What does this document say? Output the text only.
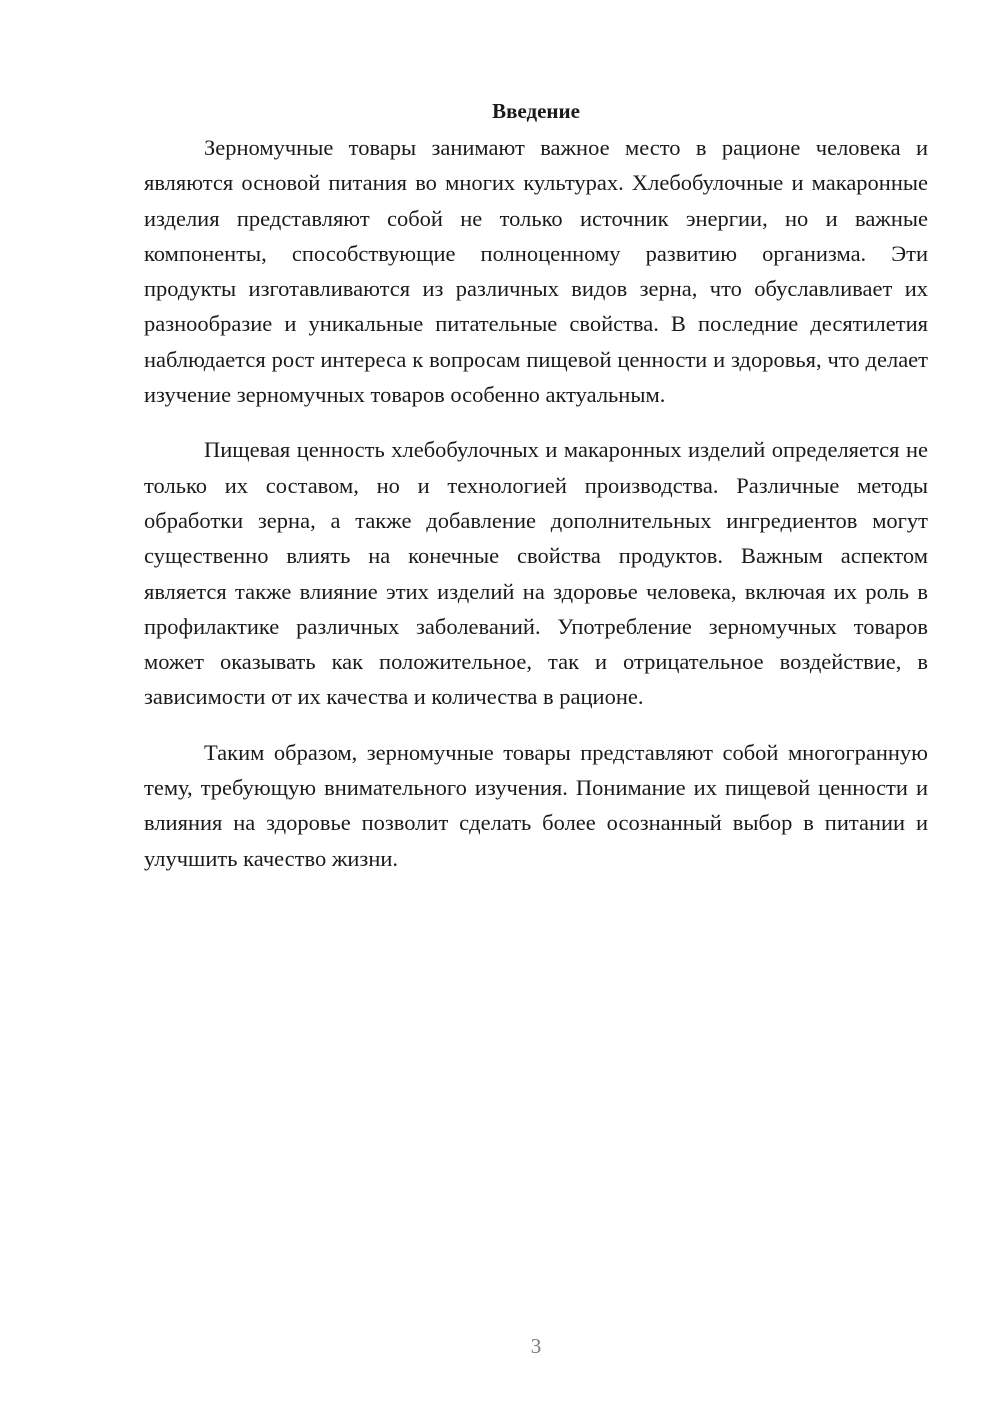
Введение

Зерномучные товары занимают важное место в рационе человека и являются основой питания во многих культурах. Хлебобулочные и макаронные изделия представляют собой не только источник энергии, но и важные компоненты, способствующие полноценному развитию организма. Эти продукты изготавливаются из различных видов зерна, что обуславливает их разнообразие и уникальные питательные свойства. В последние десятилетия наблюдается рост интереса к вопросам пищевой ценности и здоровья, что делает изучение зерномучных товаров особенно актуальным.

Пищевая ценность хлебобулочных и макаронных изделий определяется не только их составом, но и технологией производства. Различные методы обработки зерна, а также добавление дополнительных ингредиентов могут существенно влиять на конечные свойства продуктов. Важным аспектом является также влияние этих изделий на здоровье человека, включая их роль в профилактике различных заболеваний. Употребление зерномучных товаров может оказывать как положительное, так и отрицательное воздействие, в зависимости от их качества и количества в рационе.

Таким образом, зерномучные товары представляют собой многогранную тему, требующую внимательного изучения. Понимание их пищевой ценности и влияния на здоровье позволит сделать более осознанный выбор в питании и улучшить качество жизни.

3
